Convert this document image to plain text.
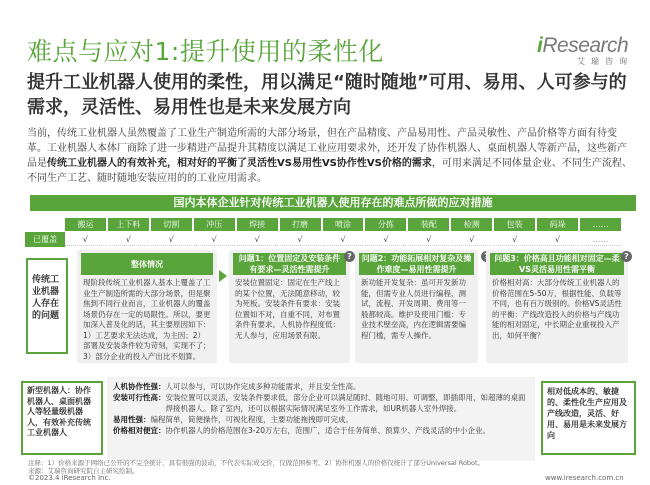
难点与应对1:提升使用的柔性化	iResearch
艾瑞咨询
提升工业机器人使用的柔性，用以满足“随时随地”可用、易用、人可参与的需求，灵活性、易用性也是未来发展方向
当前，传统工业机器人虽然覆盖了工业生产制造所需的大部分场景，但在产品精度、产品易用性、产品灵敏性、产品价格等方面有待变革。工业机器人本体厂商除了进一步精进产品提升其精度以满足工业应用要求外，还开发了协作机器人、桌面机器人等新产品，这些新产品是传统工业机器人的有效补充，相对好的平衡了灵活性VS易用性VS协作性VS价格的需求，可用来满足不同体量企业、不同生产流程、不同生产工艺、随时随地安装应用的的工业应用需求。
国内本体企业针对传统工业机器人使用存在的难点所做的应对措施
搬运	上下料	切割	冲压	焊接	打磨	喷涂	分拣	装配	检测	包装	码垛	……
已覆盖	√	√	√	√	√	√	√	√	√	√	√	√	……
传统工业机器人存在的问题
整体情况
现阶段传统工业机器人基本上覆盖了工业生产制造所需的大部分场景，但是聚焦到不同行业而言，工业机器人的覆盖场景仍存在一定的局限性。所以，要更加深入普及化的话，其主要原因如下：1）工艺要求无法达成，为主因；2）部署及安装条件较为苛刻，实现不了；3）部分企业的投入产出比不划算。
问题1：位置固定及安装条件有要求—灵活性需提升
安装位置固定：固定在生产线上的某个位置，无法随意移动，较为死板。安装条件有要求：安装位置如不对，自重不同，对布置条件有要求。人机协作程度低：无人参与，应用场景有限。
?	问题2：功能拓展相对复杂及操作难度—易用性需提升
新功能开发复杂：虽可开发新功能，但需专业人员进行编程、测试，流程、开发周期、费用等一般都较高。维护及使用门槛：专业技术壁垒高，内在逻辑需要编程门槛，需专人操作。
问题3：价格高且功能相对固定—柔VS灵活易用性需平衡
价格相对高：大部分传统工业机器人的价格范围在5-50万，根据性能、负载等不同，也有百万级别的。价格VS灵活性的平衡：产线改造投入的价格与产线功能的相对固定，中长期企业重视投入产出，如何平衡？
?
新型机器人：协作机器人、桌面机器人等轻量级机器人，有效补充传统工业机器人
人机协作性强： 人可以参与，可以协作完成多种功能需求，并且安全性高。
安装可行性高： 安装位置可以灵活，安装条件要求低，部分企业可以满足随时、随地可用、可调整，即插即用，如超薄的桌面焊接机器人。除了室内，还可以根据实际情况满足室外工作需求，如UR机器人室外焊接。
易用性强： 编程简单，简便操作，可视化程度，主要功能拖拽即可完成。
价格相对便宜： 协作机器人的价格范围在3-20万左右，范围广，适合于任务简单、预算少、产线灵活的中小企业。
相对低成本的、敏捷的、柔性化生产应用及产线改造，灵活、好用、易用是未来发展方向
注释：1）价格来源于网络已公开的不完全统计，具有很强的波动，不代表实际成交价，仅做范围参考。2）协作机器人的价格仅统计了部分Universal Robot。
来源：艾瑞咨询研究院自主研究绘制。
©2023.4 iResearch Inc.	www.iresearch.com.cn
